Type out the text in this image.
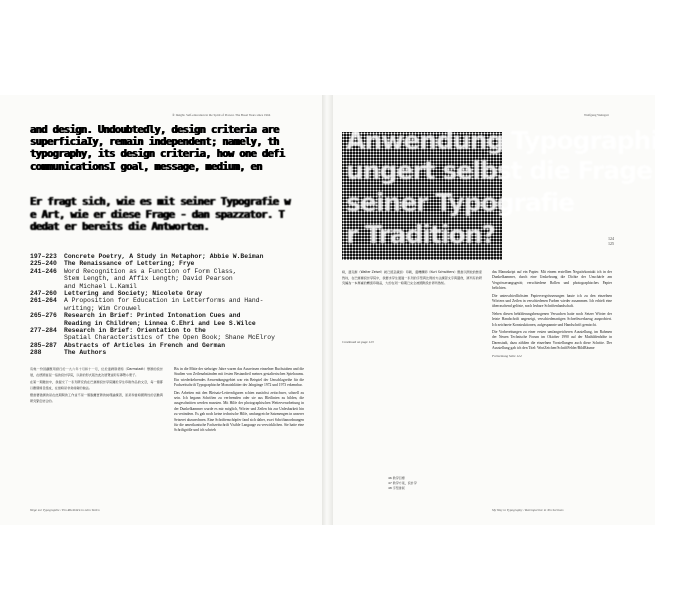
③ Insight. Self-education in the Spirit of Protest. The Basel Years since 1964
and design. Undoubtedly, design criteria are
superficiaIy, remain independent; namely, th
typography, its design criteria, how one defi
communicationsI goal, message, medium, en
Er fragt sich, wie es mit seiner Typografie w
e Art, wie er diese Frage - dan spazzator. T
dedat er bereits die Antworten.
197–223	Concrete Poetry, A Study in Metaphor; Abbie W.Beiman
225–240	The Renaissance of Lettering; Frye
241–246	Word Recognition as a Function of Form Class,
Stem Length, and Affix Length; David Pearson
and Michael L.Kamil
247–260	Lettering and Society; Nicolete Gray
261–264	A Proposition for Education in Letterforms and Hand-
writing; Wim Crouwel
265–276	Research in Brief: Printed Intonation Cues and
Reading in Children; Linnea C.Ehri and Lee S.Wilce
277–284	Research in Brief: Orientation to the
Spatial Characteristics of the Open Book; Shane McElroy
285–287	Abstracts of Articles in French and German
288	The Authors

有幾一份回顧應用發行於一九六年十月和十一月，位於達姆斯塔特（Darmstadt）舉辦的設計展，在德國首屈一指的設計學院，以新的形式報告此次展覽並附有導覽小冊子。

在第一期雜誌中，我提交了一系列研究我在巴塞爾設計學院關於學生印刷作品的文章，每一篇都以數個條目組成，在當時是非常前衛的做法。

應當要強調的是在此期間的工作並不是一個脫離實際的純理論練習，而是和當時國際性的活動與研究緊密結合的。

Bis in die Mitte der siebziger Jahre waren das Ausreissen einzelner Buchstaben und die Studien von Zeilenabständen mit festen Bestandteil meines gestalterischen Spielraums. Ein wiederkehrendes Anwendungsgebiet war ein Beispiel der Umschlagreihe für die Fachzeitschrift Typographische Monatsblätter der Jahrgänge 1972 und 1973 erkennbar.

Das Arbeiten mit den Bleisatz-Letternfiguren schien zunächst zeitschwer, schnell zu sein. Ich begann Schriften zu verfremden oder sie aus Bleilinien zu bilden, die ausgeschnitten werden mussten. Mit Hilfe der photographischen Weiterverarbeitung in der Dunkelkammer wurde es mir möglich, Wörter und Zeilen bis zur Unlesbarkeit hin zu verändern. Es gab noch keine technische Hilfe, umfangreiche Satzmengen in unserer Setzerei abzurechnen. Eine Schriftenschöpfer fand sich daher, zwei Schriftanordnungen für die amerikanische Fachzeitschrift Visible Language zu verwirklichen. Sie hatte eine Schriftgröße und ich schrieb

Wege zur Typographie / Ein Rückblick in zehn Teilen
Wolfgang Weingart
Anwendung Typographie
ungert selbst die Frage
seiner Typografie
r Tradition?	124
125

時，溫克爾（Walter Zeisel）就已經意識到：印刷，還機構師（Kurt Schwitters）應當以開放的態度對待，在巴塞爾設計學院中，我要求學生通過一系列的字型與比例的方法練習文字與圖像，將所有的研究編為一本厚重的精裝印刷品，大約在同一時期已完全被國際設計界所熟知。

Continued on page 123

das Manuskript auf ein Papier. Mit einem erstellten Negativkontakt ich in der Dunkelkammer, durch eine Umkehrung die Dichte der Unschärfe am Vergrösserungsgerät; verschiedene Rollen und photographisches Papier belichten.

Die unterschiedlichsten Papiervergrösserungen baute ich zu den einzelnen Wörtern und Zeilen in verschiedenen Farben wieder zusammen. Ich erhielt eine überraschend gelöste, noch lesbare Schriftenlandschaft.

Neben diesen bebilderungsbezogenen Versuchen hatte noch Setzer Wörter der letzte Handschrift angezeigt, verschiedenartigen Schreibwerkzeug ausprobiert. Ich zeichnete Konstruktionen, aufgespannte und Handschrift gemischt.

Die Vorbereitungen zu einer ersten umfangreicheren Ausstellung, im Rahmen der Neuen Technische Forum im Oktober 1990 auf der Mathildenhöhe in Darmstadt, dazu zählten die einzelnen Vorstellungen auch diese Schritte. Der Ausstellung gab ich den Titel: WortZeichen/SchriftFelder/BildRäume

Fortsetzung Seite 124

46 教學目標
47 教學方案，設計學
48 字型排版
My Way to Typography / Retrospective in Ten Sections
